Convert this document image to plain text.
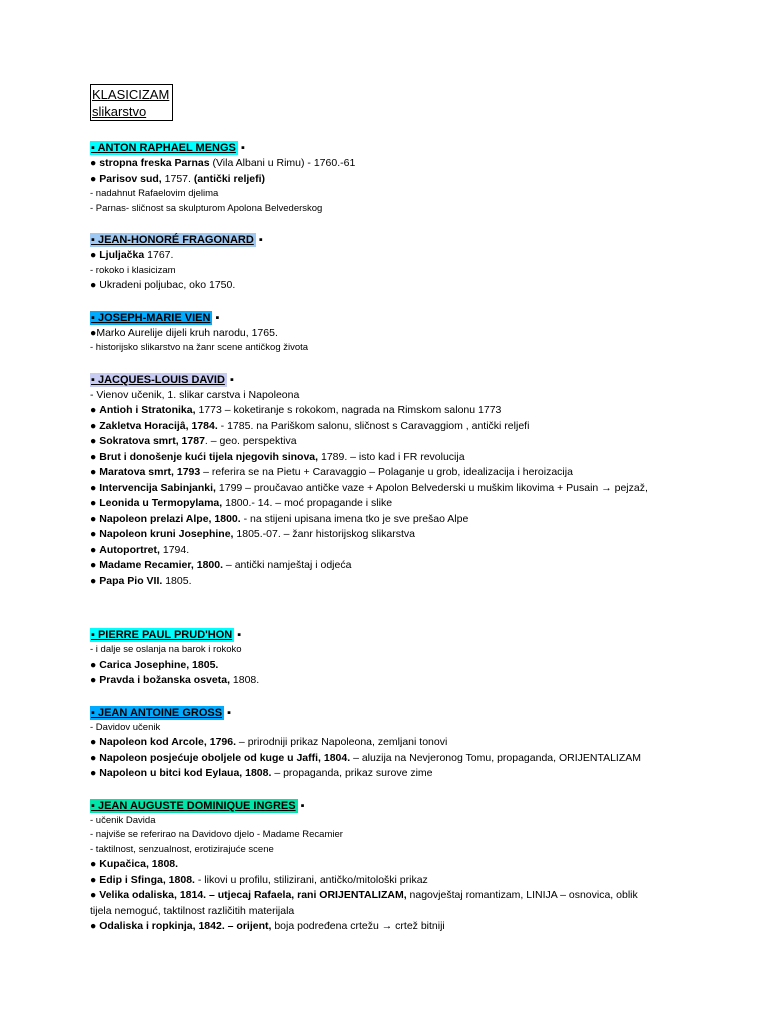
KLASICIZAM
slikarstvo
▪ ANTON RAPHAEL MENGS ▪
● stropna freska Parnas (Vila Albani u Rimu) - 1760.-61
● Parisov sud, 1757. (antički reljefi)
- nadahnut Rafaelovim djelima
- Parnas- sličnost sa skulpturom Apolona Belvederskog
▪ JEAN-HONORÉ FRAGONARD ▪
● Ljuljačka 1767.
- rokoko i klasicizam
● Ukradeni poljubac, oko 1750.
▪ JOSEPH-MARIE VIEN ▪
●Marko Aurelije dijeli kruh narodu, 1765.
- historijsko slikarstvo na žanr scene antičkog života
▪ JACQUES-LOUIS DAVID ▪
- Vienov učenik, 1. slikar carstva i Napoleona
● Antioh i Stratonika, 1773 – koketiranje s rokokom, nagrada na Rimskom salonu 1773
● Zakletva Horacijâ, 1784. - 1785. na Pariškom salonu, sličnost s Caravaggiom , antički reljefi
● Sokratova smrt, 1787. – geo. perspektiva
● Brut i donošenje kući tijela njegovih sinova, 1789. – isto kad i FR revolucija
● Maratova smrt, 1793 – referira se na Pietu + Caravaggio – Polaganje u grob, idealizacija i heroizacija
● Intervencija Sabinjanki, 1799 – proučavao antičke vaze + Apolon Belvederski u muškim likovima + Pusain → pejzaž,
● Leonida u Termopylama, 1800.- 14. – moć propagande i slike
● Napoleon prelazi Alpe, 1800. - na stijeni upisana imena tko je sve prešao Alpe
● Napoleon kruni Josephine, 1805.-07. – žanr historijskog slikarstva
● Autoportret, 1794.
● Madame Recamier, 1800. – antički namještaj i odjeća
● Papa Pio VII. 1805.
▪ PIERRE PAUL PRUD'HON ▪
- i dalje se oslanja na barok i rokoko
● Carica Josephine, 1805.
● Pravda i božanska osveta, 1808.
▪ JEAN ANTOINE GROSS ▪
- Davidov učenik
● Napoleon kod Arcole, 1796. – prirodniji prikaz Napoleona, zemljani tonovi
● Napoleon posjećuje oboljele od kuge u Jaffi, 1804. – aluzija na Nevjeronog Tomu, propaganda, ORIJENTALIZAM
● Napoleon u bitci kod Eylaua, 1808. – propaganda, prikaz surove zime
▪ JEAN AUGUSTE DOMINIQUE INGRES ▪
- učenik Davida
- najviše se referirao na Davidovo djelo - Madame Recamier
- taktilnost, senzualnost, erotizirajuće scene
● Kupačica, 1808.
● Edip i Sfinga, 1808. - likovi u profilu, stilizirani, antičko/mitološki prikaz
● Velika odaliska, 1814. – utjecaj Rafaela, rani ORIJENTALIZAM, nagovještaj romantizam, LINIJA – osnovica, oblik
tijela nemoguć, taktilnost različitih materijala
● Odaliska i ropkinja, 1842. – orijent, boja podređena crtežu → crtež bitniji
